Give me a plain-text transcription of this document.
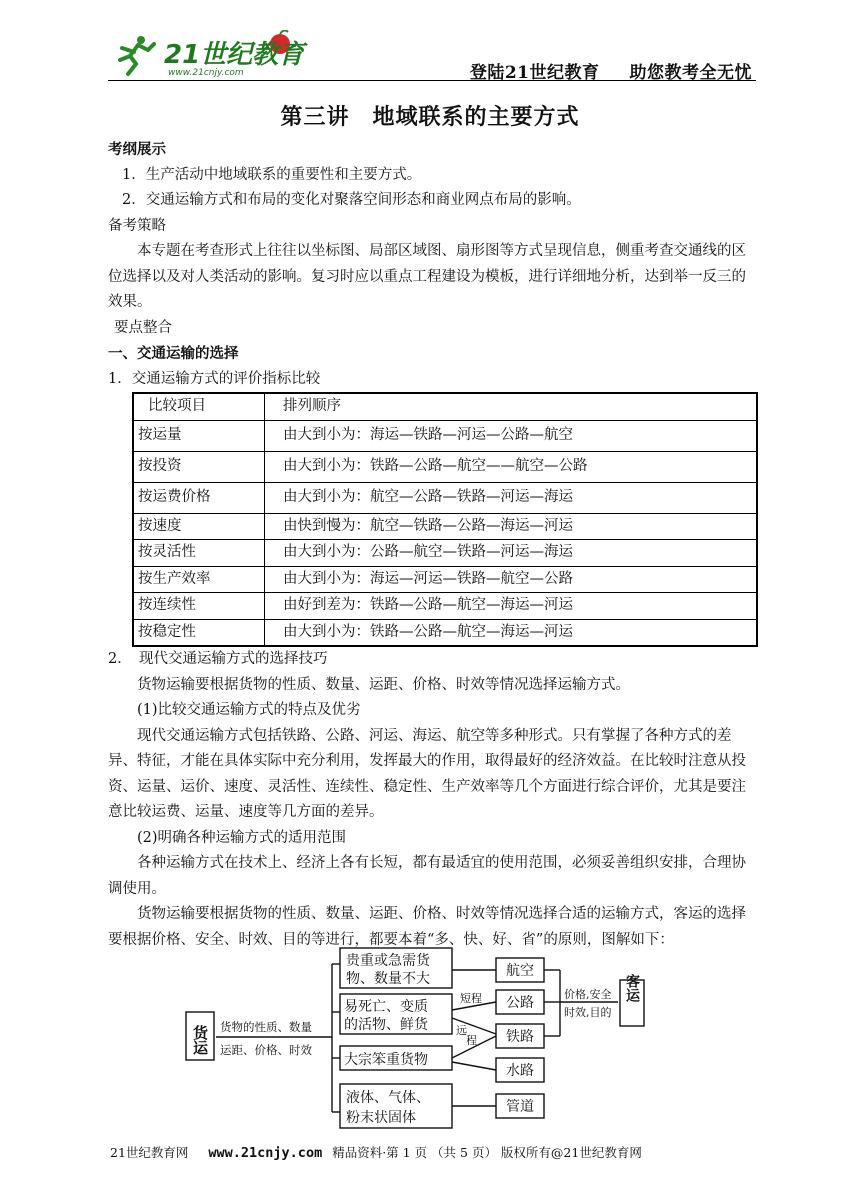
21世纪教育
www.21cnjy.com	登陆21世纪教育 助您教考全无忧
第三讲　地域联系的主要方式

考纲展示

1．生产活动中地域联系的重要性和主要方式。

2．交通运输方式和布局的变化对聚落空间形态和商业网点布局的影响。

备考策略

本专题在考查形式上往往以坐标图、局部区域图、扇形图等方式呈现信息，侧重考查交通线的区位选择以及对人类活动的影响。复习时应以重点工程建设为模板，进行详细地分析，达到举一反三的效果。

要点整合

一、交通运输的选择

1．交通运输方式的评价指标比较

比较项目	排列顺序
按运量	由大到小为：海运—铁路—河运—公路—航空
按投资	由大到小为：铁路—公路—航空——航空—公路
按运费价格	由大到小为：航空—公路—铁路—河运—海运
按速度	由快到慢为：航空—铁路—公路—海运—河运
按灵活性	由大到小为：公路—航空—铁路—河运—海运
按生产效率	由大到小为：海运—河运—铁路—航空—公路
按连续性	由好到差为：铁路—公路—航空—海运—河运
按稳定性	由大到小为：铁路—公路—航空—海运—河运

2．　现代交通运输方式的选择技巧

货物运输要根据货物的性质、数量、运距、价格、时效等情况选择运输方式。

(1)比较交通运输方式的特点及优劣

现代交通运输方式包括铁路、公路、河运、海运、航空等多种形式。只有掌握了各种方式的差异、特征，才能在具体实际中充分利用，发挥最大的作用，取得最好的经济效益。在比较时注意从投资、运量、运价、速度、灵活性、连续性、稳定性、生产效率等几个方面进行综合评价，尤其是要注意比较运费、运量、速度等几方面的差异。

(2)明确各种运输方式的适用范围

各种运输方式在技术上、经济上各有长短，都有最适宜的使用范围，必须妥善组织安排，合理协调使用。

货物运输要根据货物的性质、数量、运距、价格、时效等情况选择合适的运输方式，客运的选择要根据价格、安全、时效、目的等进行，都要本着“多、快、好、省”的原则，图解如下：

货运 货物的性质、数量
运距、价格、时效
贵重或急需货
物、数量不大
易死亡、变质
的活物、鲜货
大宗笨重货物
液体、气体、
粉末状固体
短程
远
程
航空
公路
铁路
水路
管道
价格,安全
时效,目的
客运
21世纪教育网 www.21cnjy.com 精品资料·第 1 页 （共 5 页） 版权所有@21世纪教育网
